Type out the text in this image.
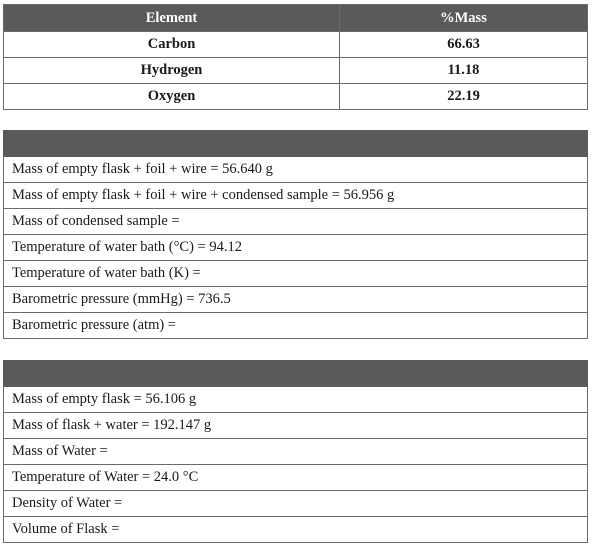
Element	%Mass
Carbon	66.63
Hydrogen	11.18
Oxygen	22.19

Mass of empty flask + foil + wire = 56.640 g
Mass of empty flask + foil + wire + condensed sample = 56.956 g
Mass of condensed sample =
Temperature of water bath (°C) = 94.12
Temperature of water bath (K) =
Barometric pressure (mmHg) = 736.5
Barometric pressure (atm) =

Mass of empty flask = 56.106 g
Mass of flask + water = 192.147 g
Mass of Water =
Temperature of Water = 24.0 °C
Density of Water =
Volume of Flask =
